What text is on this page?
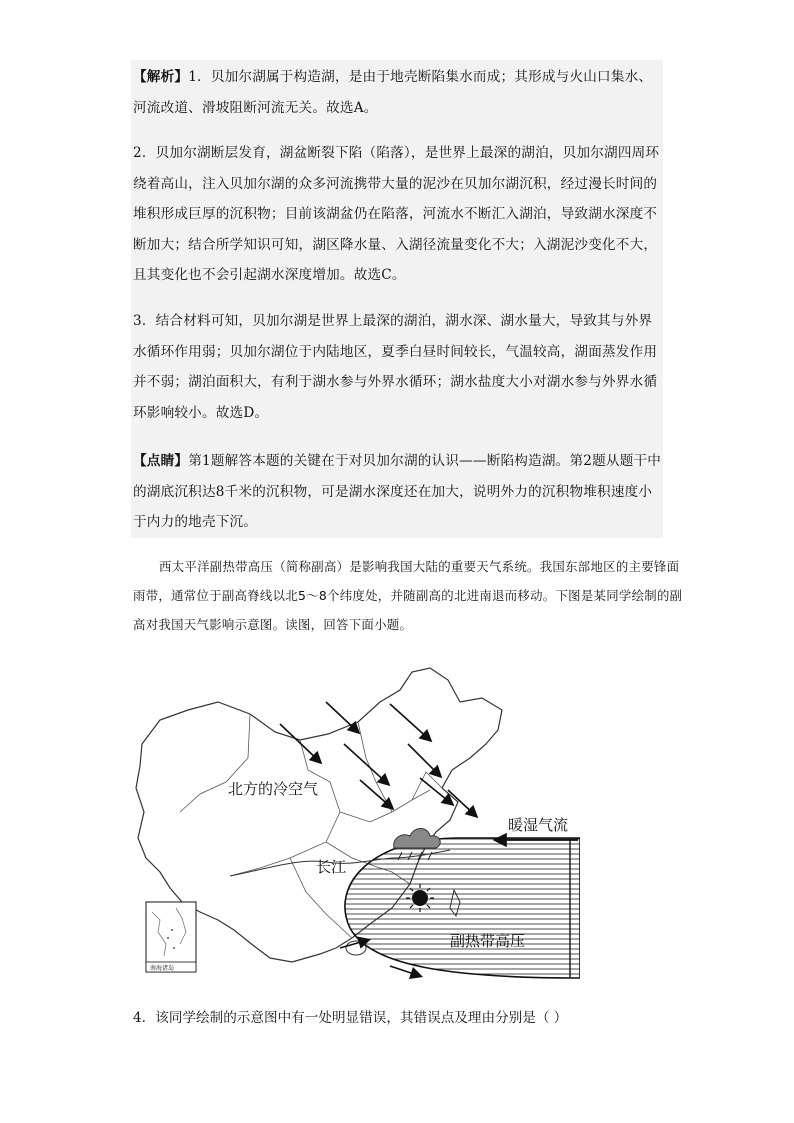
【解析】1．贝加尔湖属于构造湖，是由于地壳断陷集水而成；其形成与火山口集水、河流改道、滑坡阻断河流无关。故选A。

2．贝加尔湖断层发育，湖盆断裂下陷（陷落），是世界上最深的湖泊，贝加尔湖四周环绕着高山，注入贝加尔湖的众多河流携带大量的泥沙在贝加尔湖沉积，经过漫长时间的堆积形成巨厚的沉积物；目前该湖盆仍在陷落，河流水不断汇入湖泊，导致湖水深度不断加大；结合所学知识可知，湖区降水量、入湖径流量变化不大；入湖泥沙变化不大，且其变化也不会引起湖水深度增加。故选C。

3．结合材料可知，贝加尔湖是世界上最深的湖泊，湖水深、湖水量大，导致其与外界水循环作用弱；贝加尔湖位于内陆地区，夏季白昼时间较长，气温较高，湖面蒸发作用并不弱；湖泊面积大，有利于湖水参与外界水循环；湖水盐度大小对湖水参与外界水循环影响较小。故选D。

【点睛】第1题解答本题的关键在于对贝加尔湖的认识——断陷构造湖。第2题从题干中的湖底沉积达8千米的沉积物，可是湖水深度还在加大，说明外力的沉积物堆积速度小于内力的地壳下沉。

西太平洋副热带高压（简称副高）是影响我国大陆的重要天气系统。我国东部地区的主要锋面雨带，通常位于副高脊线以北5～8个纬度处，并随副高的北进南退而移动。下图是某同学绘制的副高对我国天气影响示意图。读图，回答下面小题。

北方的冷空气
暖湿气流
长江
副热带高压
南海诸岛

4．该同学绘制的示意图中有一处明显错误，其错误点及理由分别是（ ）
